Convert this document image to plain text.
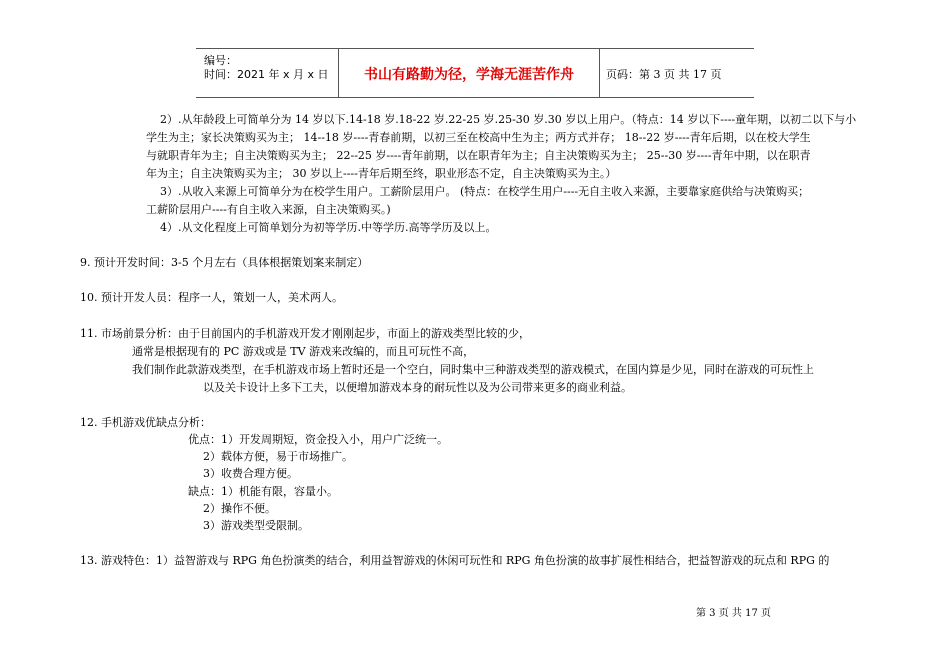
编号：
时间：2021 年 x 月 x 日	书山有路勤为径，学海无涯苦作舟	页码：第 3 页 共 17 页
2）.从年龄段上可简单分为 14 岁以下.14-18 岁.18-22 岁.22-25 岁.25-30 岁.30 岁以上用户。（特点：14 岁以下----童年期，以初二以下与小
学生为主；家长决策购买为主； 14--18 岁----青春前期，以初三至在校高中生为主；两方式并存； 18--22 岁----青年后期，以在校大学生
与就职青年为主；自主决策购买为主； 22--25 岁----青年前期，以在职青年为主；自主决策购买为主； 25--30 岁----青年中期，以在职青
年为主；自主决策购买为主； 30 岁以上----青年后期至终，职业形态不定，自主决策购买为主。）
3）.从收入来源上可简单分为在校学生用户。工薪阶层用户。 (特点：在校学生用户----无自主收入来源，主要靠家庭供给与决策购买；
工薪阶层用户----有自主收入来源，自主决策购买。)
4）.从文化程度上可简单划分为初等学历.中等学历.高等学历及以上。
9. 预计开发时间：3-5 个月左右（具体根据策划案来制定）
10. 预计开发人员：程序一人，策划一人，美术两人。
11. 市场前景分析：由于目前国内的手机游戏开发才刚刚起步，市面上的游戏类型比较的少，
通常是根据现有的 PC 游戏或是 TV 游戏来改编的，而且可玩性不高，
我们制作此款游戏类型，在手机游戏市场上暂时还是一个空白，同时集中三种游戏类型的游戏模式，在国内算是少见，同时在游戏的可玩性上
以及关卡设计上多下工夫，以便增加游戏本身的耐玩性以及为公司带来更多的商业利益。
12. 手机游戏优缺点分析：
优点：1）开发周期短，资金投入小，用户广泛统一。
2）载体方便，易于市场推广。
3）收费合理方便。
缺点：1）机能有限，容量小。
2）操作不便。
3）游戏类型受限制。
13. 游戏特色：1）益智游戏与 RPG 角色扮演类的结合，利用益智游戏的休闲可玩性和 RPG 角色扮演的故事扩展性相结合，把益智游戏的玩点和 RPG 的
第 3 页 共 17 页
